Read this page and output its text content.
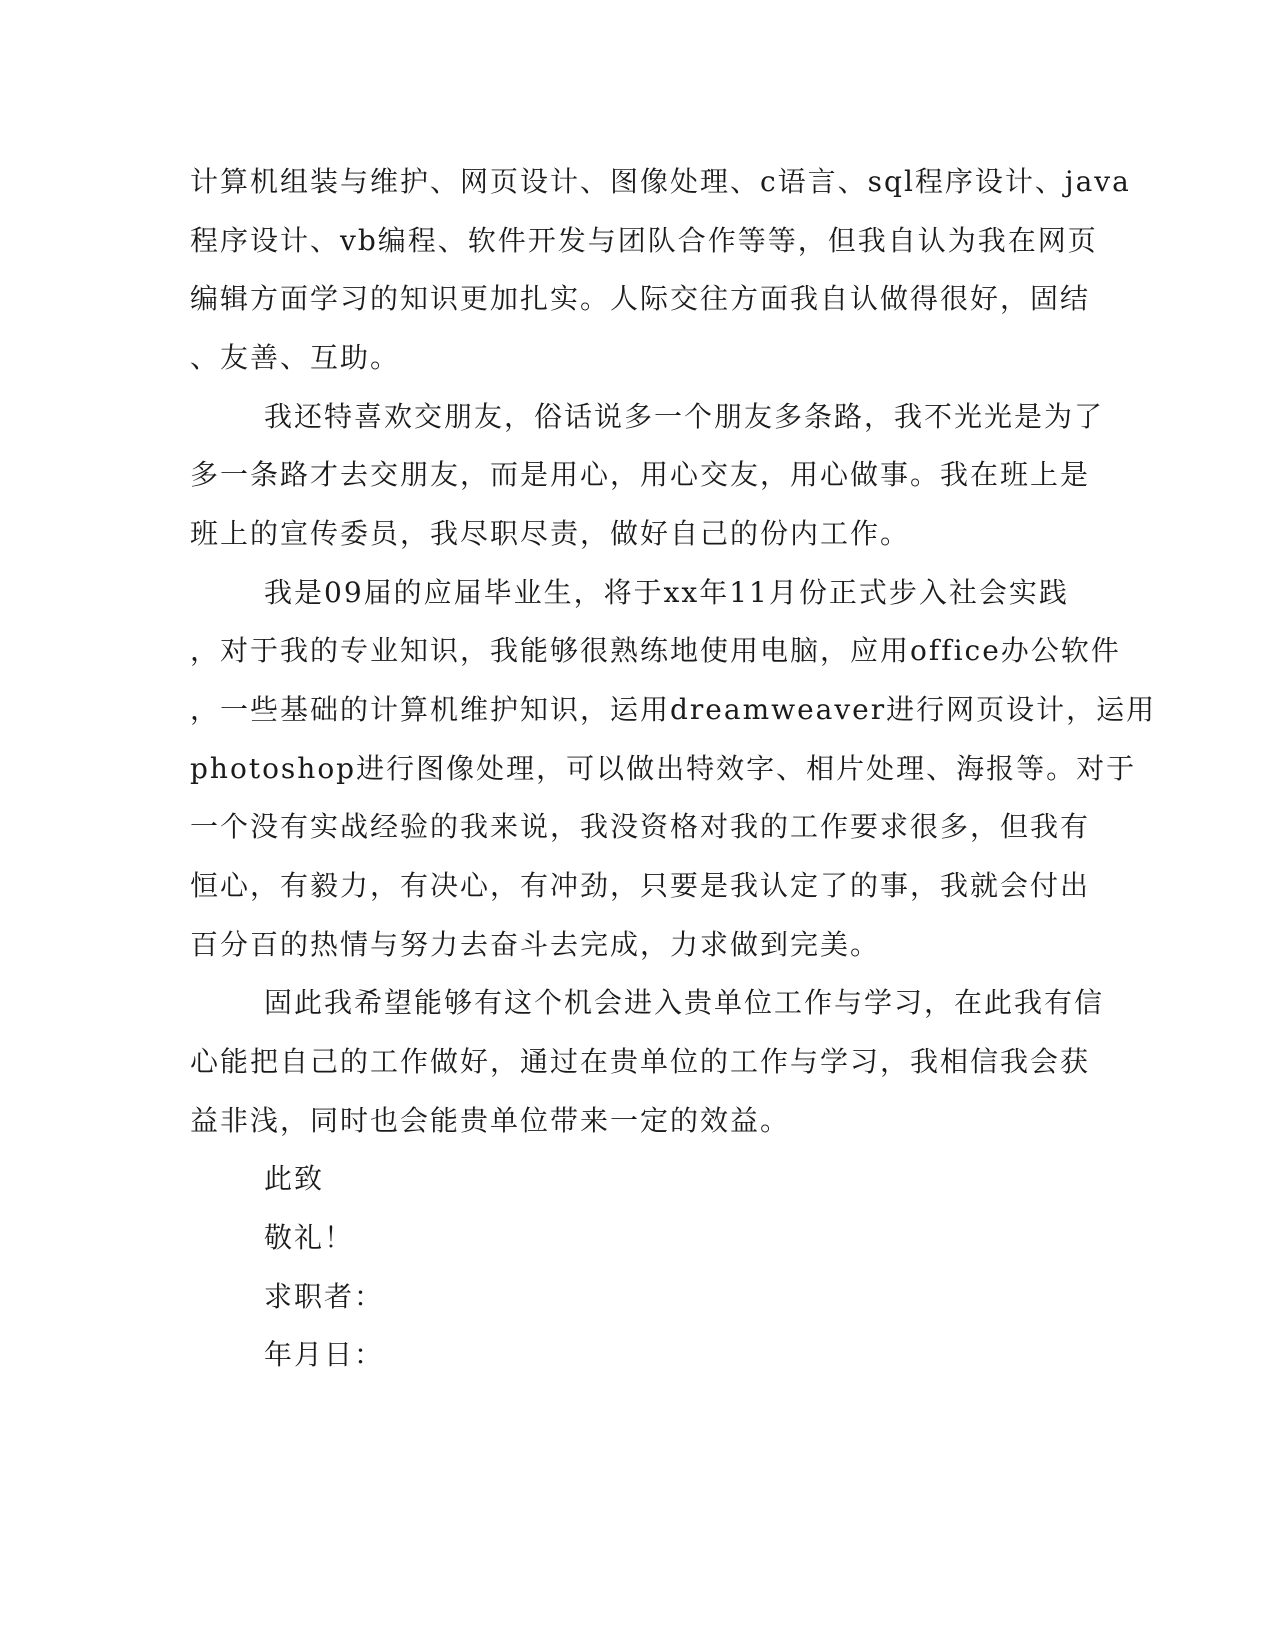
计算机组装与维护、网页设计、图像处理、c语言、sql程序设计、java

程序设计、vb编程、软件开发与团队合作等等，但我自认为我在网页

编辑方面学习的知识更加扎实。人际交往方面我自认做得很好，固结

、友善、互助。

我还特喜欢交朋友，俗话说多一个朋友多条路，我不光光是为了

多一条路才去交朋友，而是用心，用心交友，用心做事。我在班上是

班上的宣传委员，我尽职尽责，做好自己的份内工作。

我是09届的应届毕业生，将于xx年11月份正式步入社会实践

，对于我的专业知识，我能够很熟练地使用电脑，应用office办公软件

，一些基础的计算机维护知识，运用dreamweaver进行网页设计，运用

photoshop进行图像处理，可以做出特效字、相片处理、海报等。对于

一个没有实战经验的我来说，我没资格对我的工作要求很多，但我有

恒心，有毅力，有决心，有冲劲，只要是我认定了的事，我就会付出

百分百的热情与努力去奋斗去完成，力求做到完美。

固此我希望能够有这个机会进入贵单位工作与学习，在此我有信

心能把自己的工作做好，通过在贵单位的工作与学习，我相信我会获

益非浅，同时也会能贵单位带来一定的效益。

此致

敬礼！

求职者：

年月日：
